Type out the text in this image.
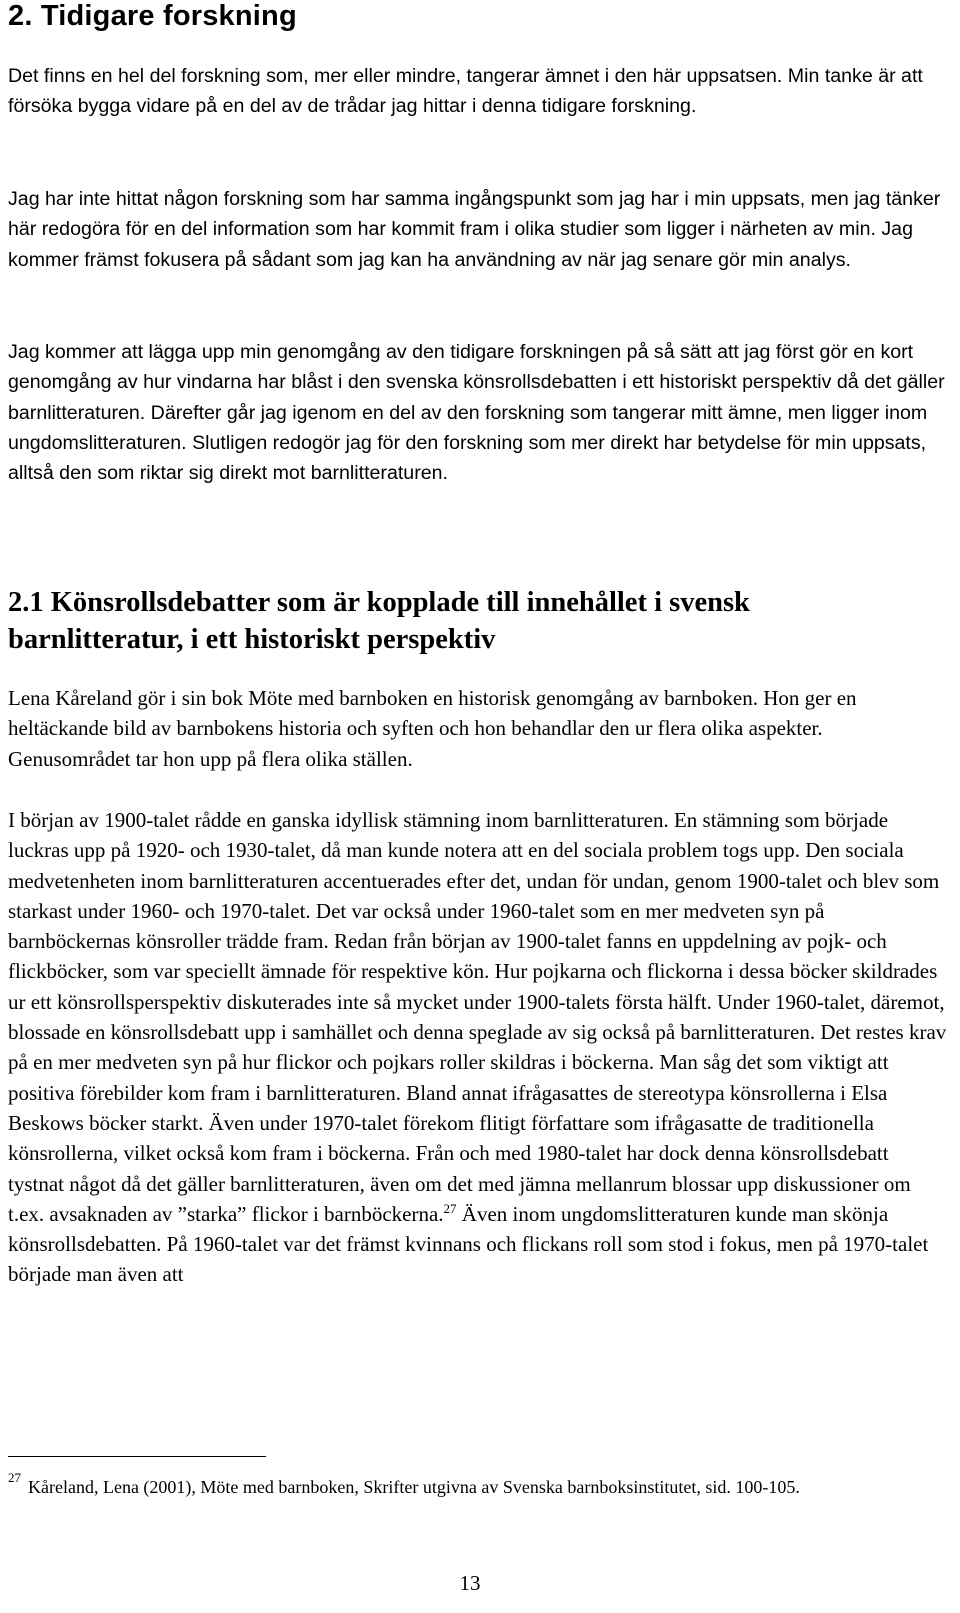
2. Tidigare forskning

Det finns en hel del forskning som, mer eller mindre, tangerar ämnet i den här uppsatsen. Min tanke är att försöka bygga vidare på en del av de trådar jag hittar i denna tidigare forskning.

Jag har inte hittat någon forskning som har samma ingångspunkt som jag har i min uppsats, men jag tänker här redogöra för en del information som har kommit fram i olika studier som ligger i närheten av min. Jag kommer främst fokusera på sådant som jag kan ha användning av när jag senare gör min analys.

Jag kommer att lägga upp min genomgång av den tidigare forskningen på så sätt att jag först gör en kort genomgång av hur vindarna har blåst i den svenska könsrollsdebatten i ett historiskt perspektiv då det gäller barnlitteraturen. Därefter går jag igenom en del av den forskning som tangerar mitt ämne, men ligger inom ungdomslitteraturen. Slutligen redogör jag för den forskning som mer direkt har betydelse för min uppsats, alltså den som riktar sig direkt mot barnlitteraturen.

2.1 Könsrollsdebatter som är kopplade till innehållet i svensk barnlitteratur, i ett historiskt perspektiv

Lena Kåreland gör i sin bok Möte med barnboken en historisk genomgång av barnboken. Hon ger en heltäckande bild av barnbokens historia och syften och hon behandlar den ur flera olika aspekter. Genusområdet tar hon upp på flera olika ställen.

I början av 1900-talet rådde en ganska idyllisk stämning inom barnlitteraturen. En stämning som började luckras upp på 1920- och 1930-talet, då man kunde notera att en del sociala problem togs upp. Den sociala medvetenheten inom barnlitteraturen accentuerades efter det, undan för undan, genom 1900-talet och blev som starkast under 1960- och 1970-talet. Det var också under 1960-talet som en mer medveten syn på barnböckernas könsroller trädde fram. Redan från början av 1900-talet fanns en uppdelning av pojk- och flickböcker, som var speciellt ämnade för respektive kön. Hur pojkarna och flickorna i dessa böcker skildrades ur ett könsrollsperspektiv diskuterades inte så mycket under 1900-talets första hälft. Under 1960-talet, däremot, blossade en könsrollsdebatt upp i samhället och denna speglade av sig också på barnlitteraturen. Det restes krav på en mer medveten syn på hur flickor och pojkars roller skildras i böckerna. Man såg det som viktigt att positiva förebilder kom fram i barnlitteraturen. Bland annat ifrågasattes de stereotypa könsrollerna i Elsa Beskows böcker starkt. Även under 1970-talet förekom flitigt författare som ifrågasatte de traditionella könsrollerna, vilket också kom fram i böckerna. Från och med 1980-talet har dock denna könsrollsdebatt tystnat något då det gäller barnlitteraturen, även om det med jämna mellanrum blossar upp diskussioner om t.ex. avsaknaden av ”starka” flickor i barnböckerna.$^{27}$ Även inom ungdomslitteraturen kunde man skönja könsrollsdebatten. På 1960-talet var det främst kvinnans och flickans roll som stod i fokus, men på 1970-talet började man även att

27 Kåreland, Lena (2001), Möte med barnboken, Skrifter utgivna av Svenska barnboksinstitutet, sid. 100-105.

13
